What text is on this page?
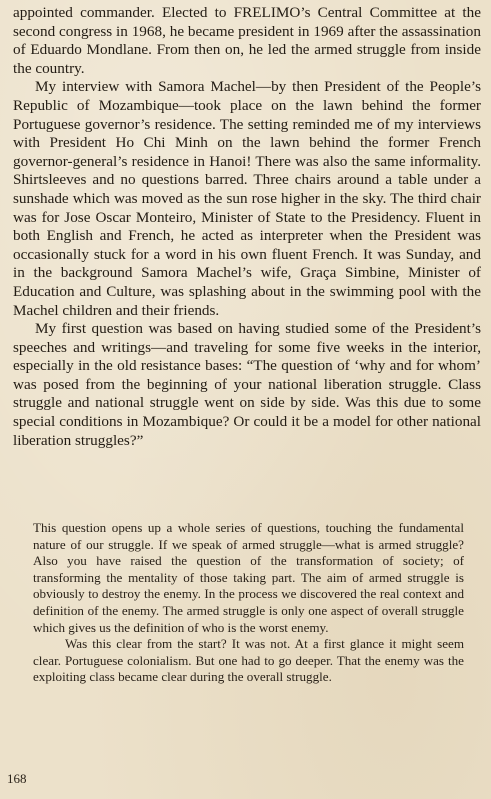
appointed commander. Elected to FRELIMO’s Central Committee at the second congress in 1968, he became president in 1969 after the assassination of Eduardo Mondlane. From then on, he led the armed struggle from inside the country.

My interview with Samora Machel—by then President of the People’s Republic of Mozambique—took place on the lawn behind the former Portuguese governor’s residence. The setting reminded me of my interviews with President Ho Chi Minh on the lawn behind the former French governor-general’s residence in Hanoi! There was also the same informality. Shirtsleeves and no questions barred. Three chairs around a table under a sunshade which was moved as the sun rose higher in the sky. The third chair was for Jose Oscar Monteiro, Minister of State to the Presidency. Fluent in both English and French, he acted as interpreter when the President was occasionally stuck for a word in his own fluent French. It was Sunday, and in the background Samora Machel’s wife, Graça Simbine, Minister of Education and Culture, was splashing about in the swimming pool with the Machel children and their friends.

My first question was based on having studied some of the President’s speeches and writings—and traveling for some five weeks in the interior, especially in the old resistance bases: “The question of ‘why and for whom’ was posed from the beginning of your national liberation struggle. Class struggle and national struggle went on side by side. Was this due to some special conditions in Mozambique? Or could it be a model for other national liberation struggles?”

This question opens up a whole series of questions, touching the fundamental nature of our struggle. If we speak of armed struggle—what is armed struggle? Also you have raised the question of the transformation of society; of transforming the mentality of those taking part. The aim of armed struggle is obviously to destroy the enemy. In the process we discovered the real context and definition of the enemy. The armed struggle is only one aspect of overall struggle which gives us the definition of who is the worst enemy.

Was this clear from the start? It was not. At a first glance it might seem clear. Portuguese colonialism. But one had to go deeper. That the enemy was the exploiting class became clear during the overall struggle.

168
